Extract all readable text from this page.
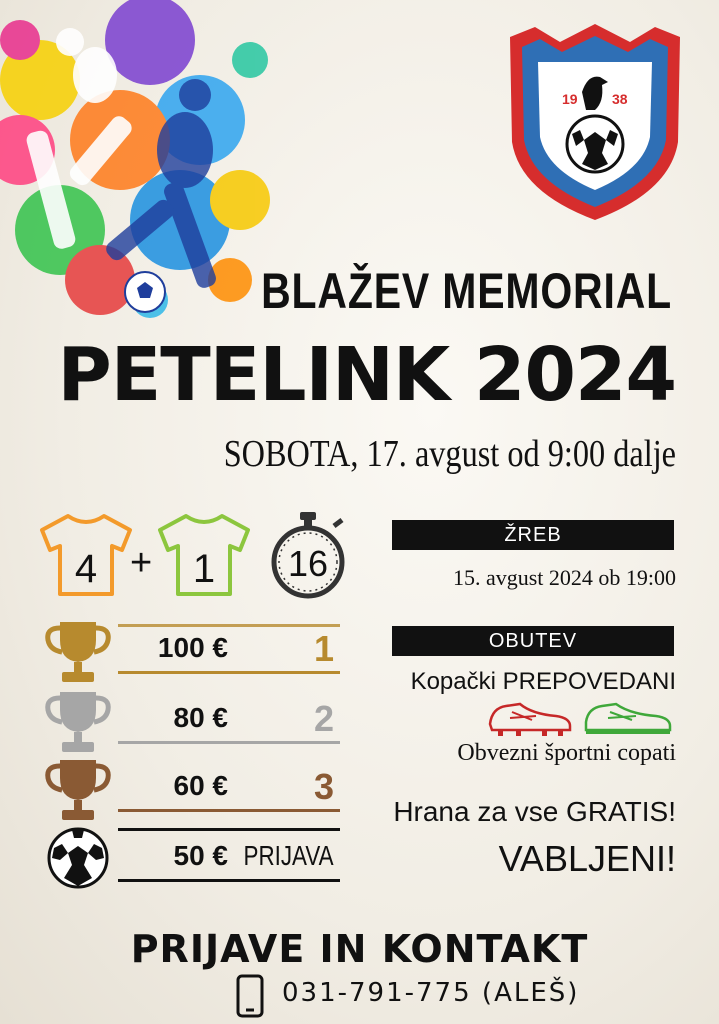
19 38
BLAŽEV MEMORIAL
PETELINK 2024
SOBOTA, 17. avgust od 9:00 dalje
4 + 1 16
ŽREB
15. avgust 2024 ob 19:00
OBUTEV
Kopački PREPOVEDANI
Obvezni športni copati
Hrana za vse GRATIS!
VABLJENI!
100 € 1
80 € 2
60 € 3
50 € PRIJAVA
PRIJAVE IN KONTAKT
031-791-775 (ALEŠ)
